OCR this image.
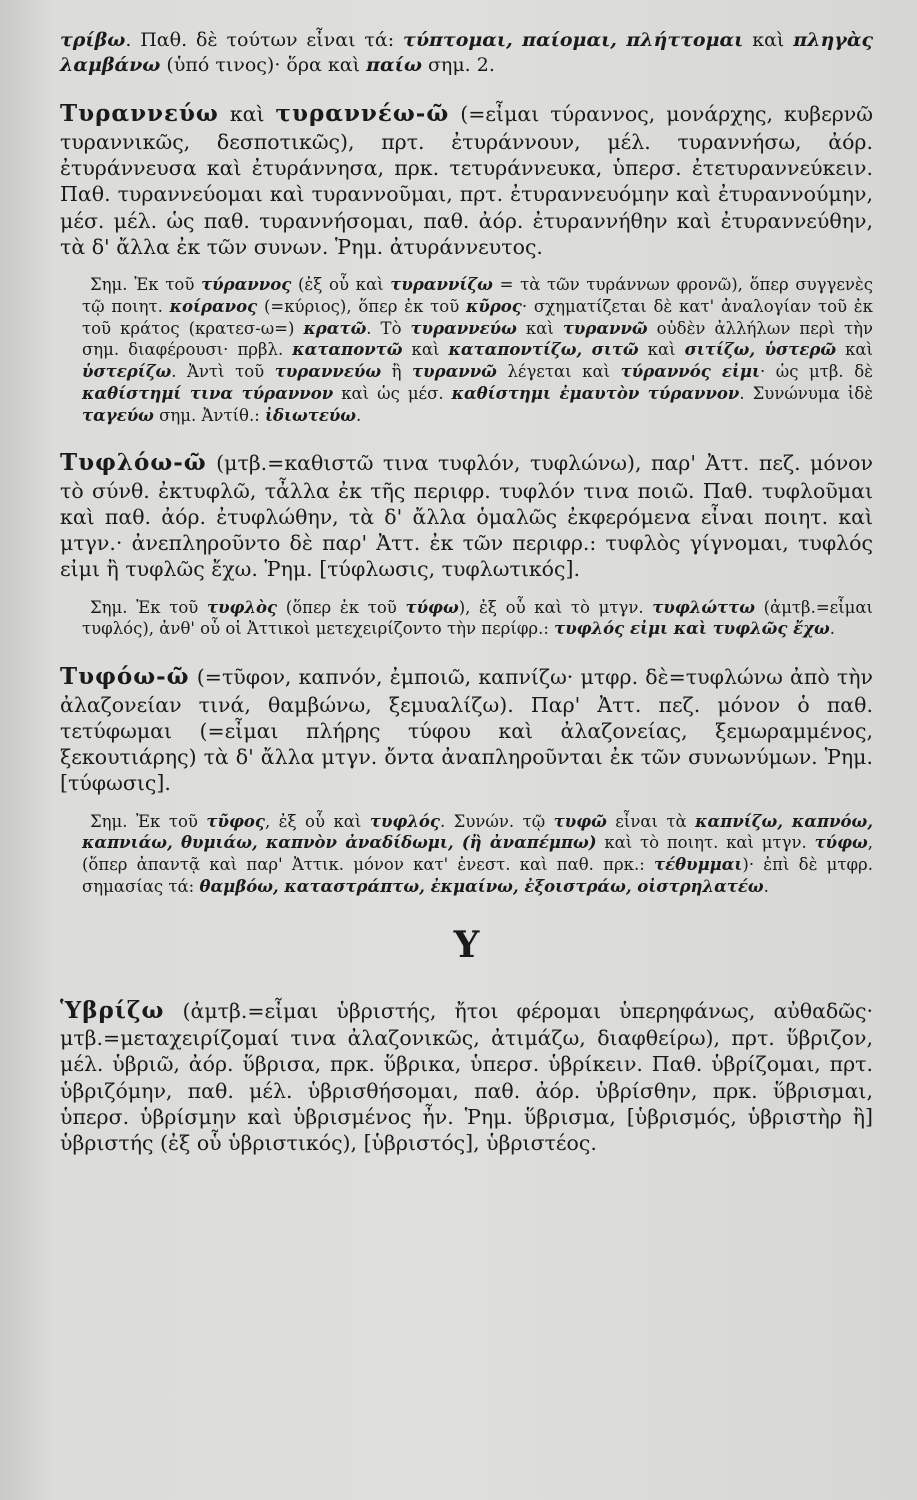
τρίβω. Παθ. δὲ τούτων εἶναι τά: τύπτομαι, παίομαι, πλήττομαι καὶ πληγὰς λαμβάνω (ὑπό τινος)· ὅρα καὶ παίω σημ. 2.

Τυραννεύω καὶ τυραννέω-ῶ (=εἶμαι τύραννος, μονάρχης, κυβερνῶ τυραννικῶς, δεσποτικῶς), πρτ. ἐτυράννουν, μέλ. τυραννήσω, ἀόρ. ἐτυράννευσα καὶ ἐτυράννησα, πρκ. τετυράννευκα, ὑπερσ. ἐτετυραννεύκειν. Παθ. τυραννεύομαι καὶ τυραννοῦμαι, πρτ. ἐτυραννευόμην καὶ ἐτυραννούμην, μέσ. μέλ. ὡς παθ. τυραννήσομαι, παθ. ἀόρ. ἐτυραννήθην καὶ ἐτυραννεύθην, τὰ δ' ἄλλα ἐκ τῶν συνων. Ῥημ. ἀτυράννευτος.

Σημ. Ἐκ τοῦ τύραννος (ἐξ οὗ καὶ τυραννίζω = τὰ τῶν τυράννων φρονῶ), ὅπερ συγγενὲς τῷ ποιητ. κοίρανος (=κύριος), ὅπερ ἐκ τοῦ κῦρος· σχηματίζεται δὲ κατ' ἀναλογίαν τοῦ ἐκ τοῦ κράτος (κρατεσ-ω=) κρατῶ. Τὸ τυραννεύω καὶ τυραννῶ οὐδὲν ἀλλήλων περὶ τὴν σημ. διαφέρουσι· πρβλ. καταποντῶ καὶ καταποντίζω, σιτῶ καὶ σιτίζω, ὑστερῶ καὶ ὑστερίζω. Ἀντὶ τοῦ τυραννεύω ἢ τυραννῶ λέγεται καὶ τύραννός εἰμι· ὡς μτβ. δὲ καθίστημί τινα τύραννον καὶ ὡς μέσ. καθίστημι ἐμαυτὸν τύραννον. Συνώνυμα ἰδὲ ταγεύω σημ. Ἀντίθ.: ἰδιωτεύω.

Τυφλόω-ῶ (μτβ.=καθιστῶ τινα τυφλόν, τυφλώνω), παρ' Ἀττ. πεζ. μόνον τὸ σύνθ. ἐκτυφλῶ, τἆλλα ἐκ τῆς περιφρ. τυφλόν τινα ποιῶ. Παθ. τυφλοῦμαι καὶ παθ. ἀόρ. ἐτυφλώθην, τὰ δ' ἄλλα ὁμαλῶς ἐκφερόμενα εἶναι ποιητ. καὶ μτγν.· ἀνεπληροῦντο δὲ παρ' Ἀττ. ἐκ τῶν περιφρ.: τυφλὸς γίγνομαι, τυφλός εἰμι ἢ τυφλῶς ἔχω. Ῥημ. [τύφλωσις, τυφλωτικός].

Σημ. Ἐκ τοῦ τυφλὸς (ὅπερ ἐκ τοῦ τύφω), ἐξ οὗ καὶ τὸ μτγν. τυφλώττω (ἀμτβ.=εἶμαι τυφλός), ἀνθ' οὗ οἱ Ἀττικοὶ μετεχειρίζοντο τὴν περίφρ.: τυφλός εἰμι καὶ τυφλῶς ἔχω.

Τυφόω-ῶ (=τῦφον, καπνόν, ἐμποιῶ, καπνίζω· μτφρ. δὲ=τυφλώνω ἀπὸ τὴν ἀλαζονείαν τινά, θαμβώνω, ξεμυαλίζω). Παρ' Ἀττ. πεζ. μόνον ὁ παθ. τετύφωμαι (=εἶμαι πλήρης τύφου καὶ ἀλαζονείας, ξεμωραμμένος, ξεκουτιάρης) τὰ δ' ἄλλα μτγν. ὄντα ἀναπληροῦνται ἐκ τῶν συνωνύμων. Ῥημ. [τύφωσις].

Σημ. Ἐκ τοῦ τῦφος, ἐξ οὗ καὶ τυφλός. Συνών. τῷ τυφῶ εἶναι τὰ καπνίζω, καπνόω, καπνιάω, θυμιάω, καπνὸν ἀναδίδωμι, (ἢ ἀναπέμπω) καὶ τὸ ποιητ. καὶ μτγν. τύφω, (ὅπερ ἀπαντᾷ καὶ παρ' Ἀττικ. μόνον κατ' ἐνεστ. καὶ παθ. πρκ.: τέθυμμαι)· ἐπὶ δὲ μτφρ. σημασίας τά: θαμβόω, καταστράπτω, ἐκμαίνω, ἐξοιστράω, οἰστρηλατέω.

Υ

Ὑβρίζω (ἀμτβ.=εἶμαι ὑβριστής, ἤτοι φέρομαι ὑπερηφάνως, αὐθαδῶς· μτβ.=μεταχειρίζομαί τινα ἀλαζονικῶς, ἀτιμάζω, διαφθείρω), πρτ. ὕβριζον, μέλ. ὑβριῶ, ἀόρ. ὕβρισα, πρκ. ὕβρικα, ὑπερσ. ὑβρίκειν. Παθ. ὑβρίζομαι, πρτ. ὑβριζόμην, παθ. μέλ. ὑβρισθήσομαι, παθ. ἀόρ. ὑβρίσθην, πρκ. ὕβρισμαι, ὑπερσ. ὑβρίσμην καὶ ὑβρισμένος ἦν. Ῥημ. ὕβρισμα, [ὑβρισμός, ὑβριστὴρ ἢ] ὑβριστής (ἐξ οὗ ὑβριστικός), [ὑβριστός], ὑβριστέος.
